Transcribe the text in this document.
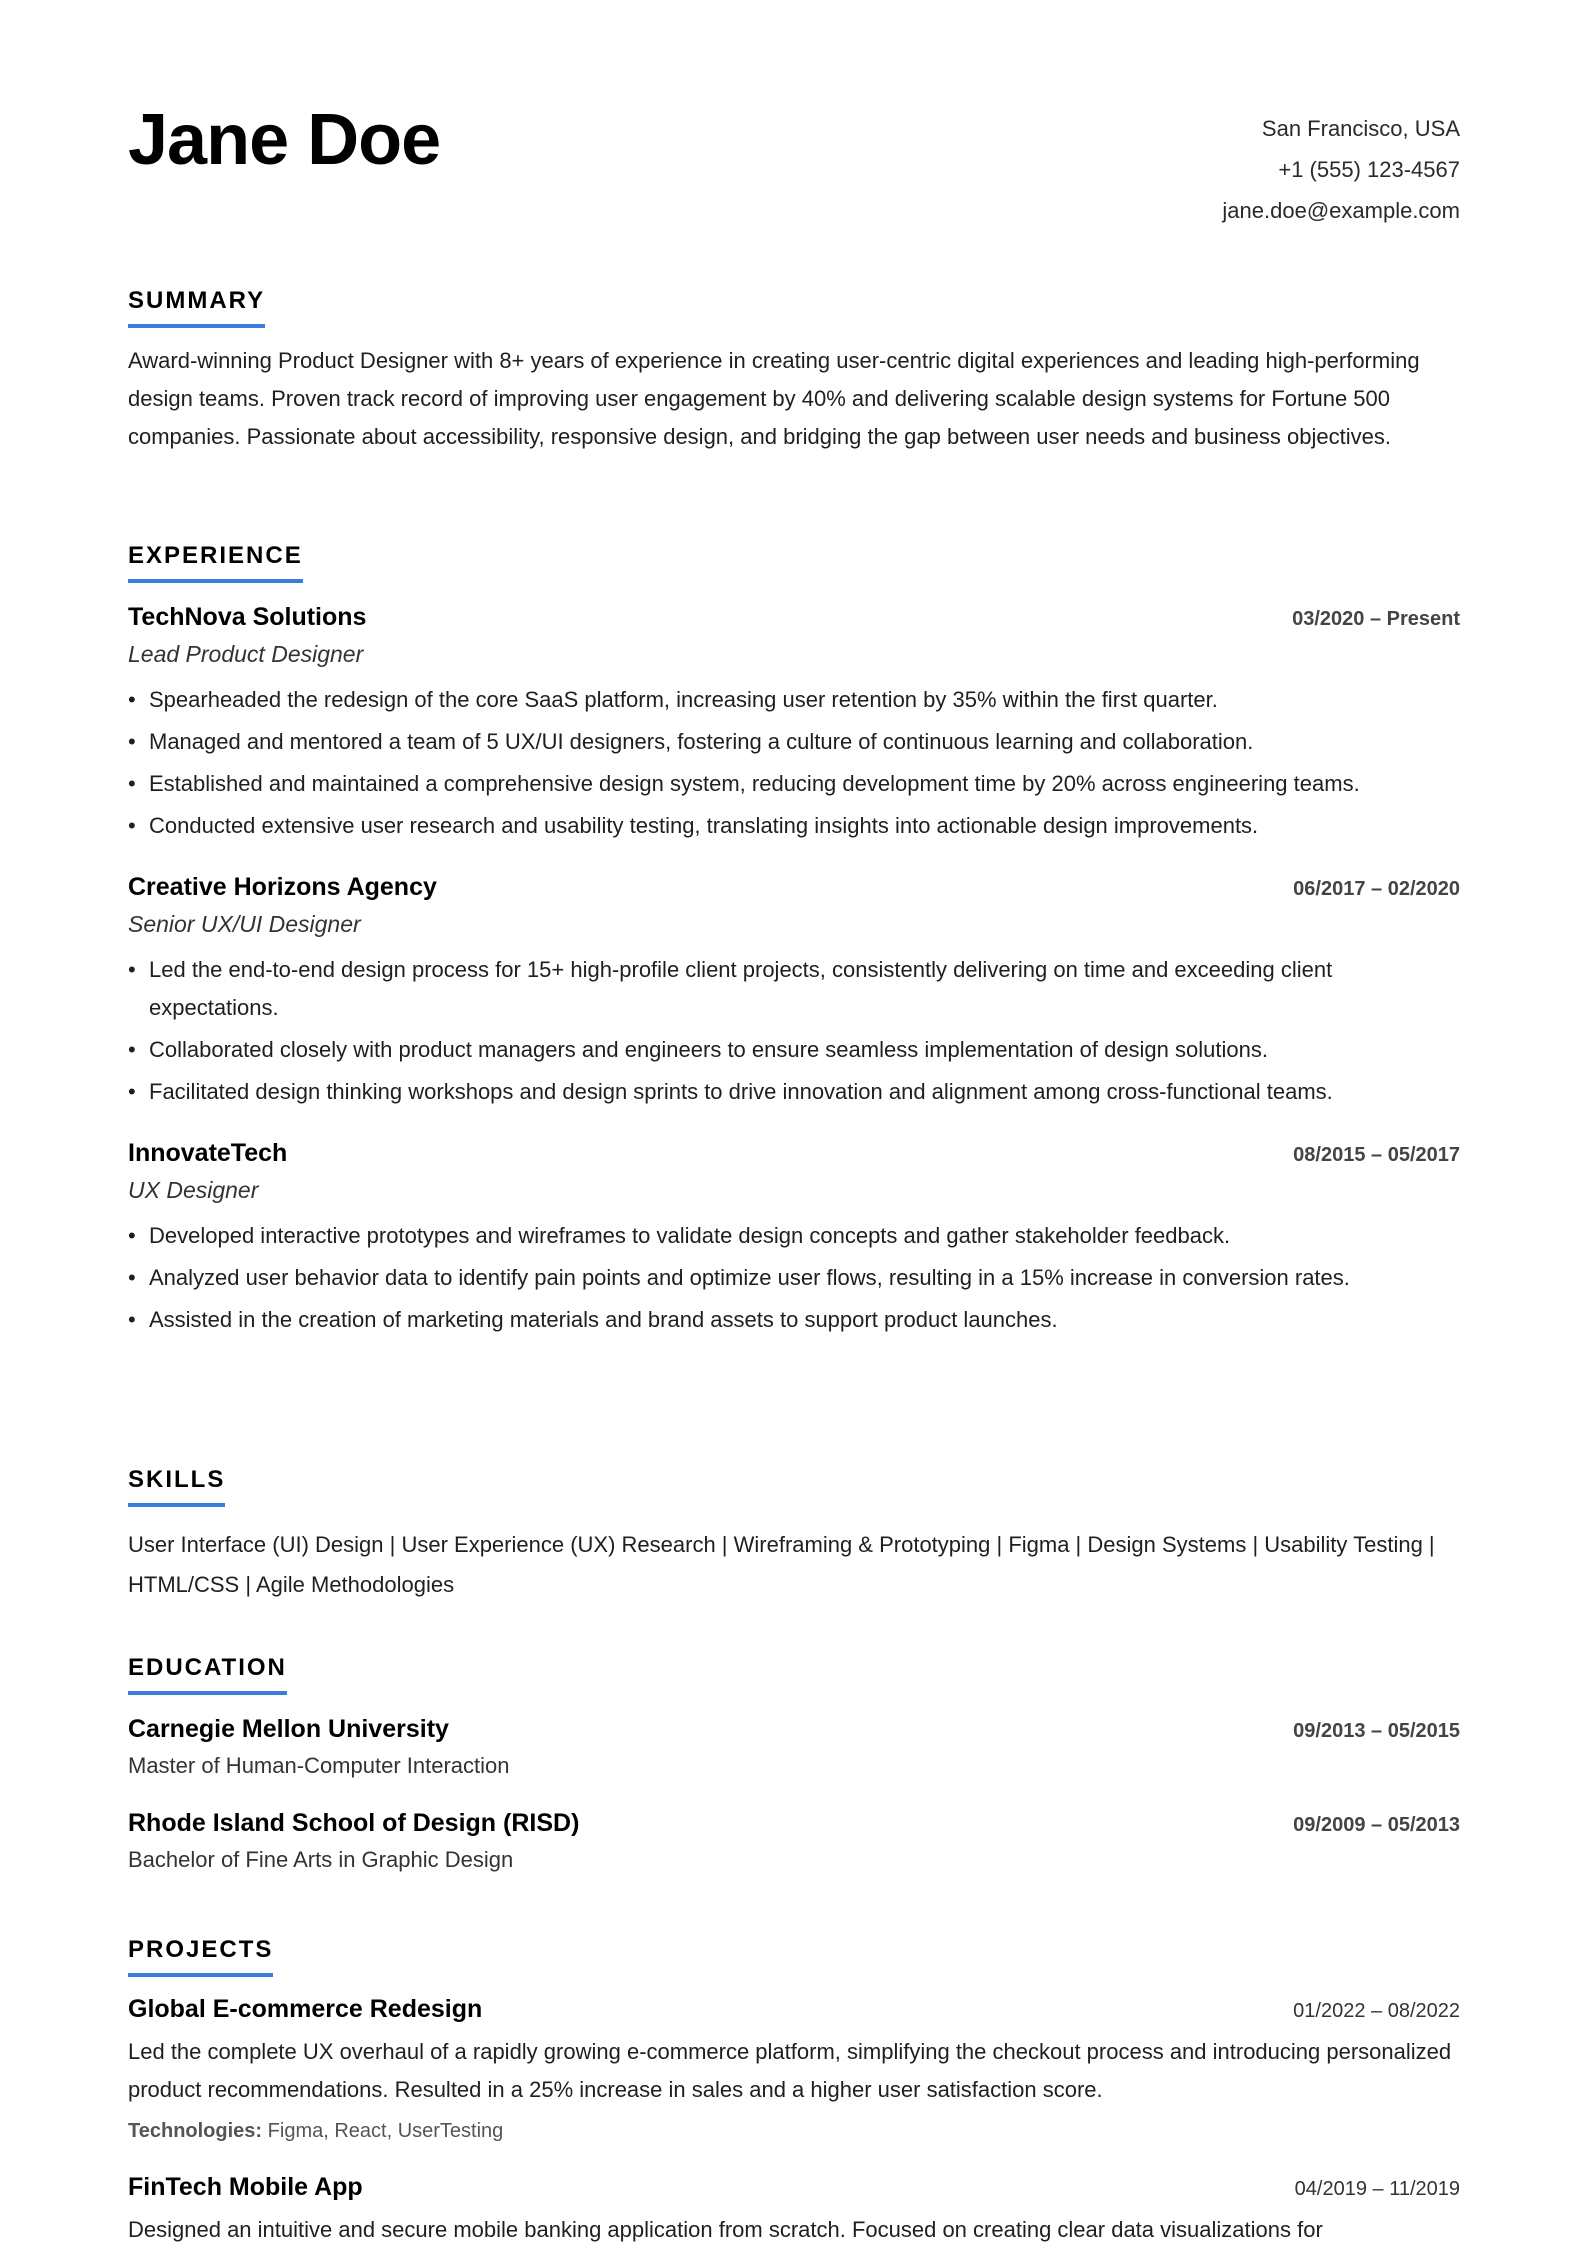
Jane Doe	San Francisco, USA
+1 (555) 123-4567
jane.doe@example.com
SUMMARY

Award-winning Product Designer with 8+ years of experience in creating user-centric digital experiences and leading high-performing design teams. Proven track record of improving user engagement by 40% and delivering scalable design systems for Fortune 500 companies. Passionate about accessibility, responsive design, and bridging the gap between user needs and business objectives.

EXPERIENCE
TechNova Solutions	03/2020 – Present
Lead Product Designer
• Spearheaded the redesign of the core SaaS platform, increasing user retention by 35% within the first quarter.
• Managed and mentored a team of 5 UX/UI designers, fostering a culture of continuous learning and collaboration.
• Established and maintained a comprehensive design system, reducing development time by 20% across engineering teams.
• Conducted extensive user research and usability testing, translating insights into actionable design improvements.
Creative Horizons Agency	06/2017 – 02/2020
Senior UX/UI Designer
• Led the end-to-end design process for 15+ high-profile client projects, consistently delivering on time and exceeding client expectations.
• Collaborated closely with product managers and engineers to ensure seamless implementation of design solutions.
• Facilitated design thinking workshops and design sprints to drive innovation and alignment among cross-functional teams.
InnovateTech	08/2015 – 05/2017
UX Designer
• Developed interactive prototypes and wireframes to validate design concepts and gather stakeholder feedback.
• Analyzed user behavior data to identify pain points and optimize user flows, resulting in a 15% increase in conversion rates.
• Assisted in the creation of marketing materials and brand assets to support product launches.
SKILLS

User Interface (UI) Design | User Experience (UX) Research | Wireframing & Prototyping | Figma | Design Systems | Usability Testing | HTML/CSS | Agile Methodologies

EDUCATION
Carnegie Mellon University	09/2013 – 05/2015
Master of Human-Computer Interaction
Rhode Island School of Design (RISD)	09/2009 – 05/2013
Bachelor of Fine Arts in Graphic Design
PROJECTS
Global E-commerce Redesign	01/2022 – 08/2022
Led the complete UX overhaul of a rapidly growing e-commerce platform, simplifying the checkout process and introducing personalized product recommendations. Resulted in a 25% increase in sales and a higher user satisfaction score.
Technologies: Figma, React, UserTesting
FinTech Mobile App	04/2019 – 11/2019
Designed an intuitive and secure mobile banking application from scratch. Focused on creating clear data visualizations for
